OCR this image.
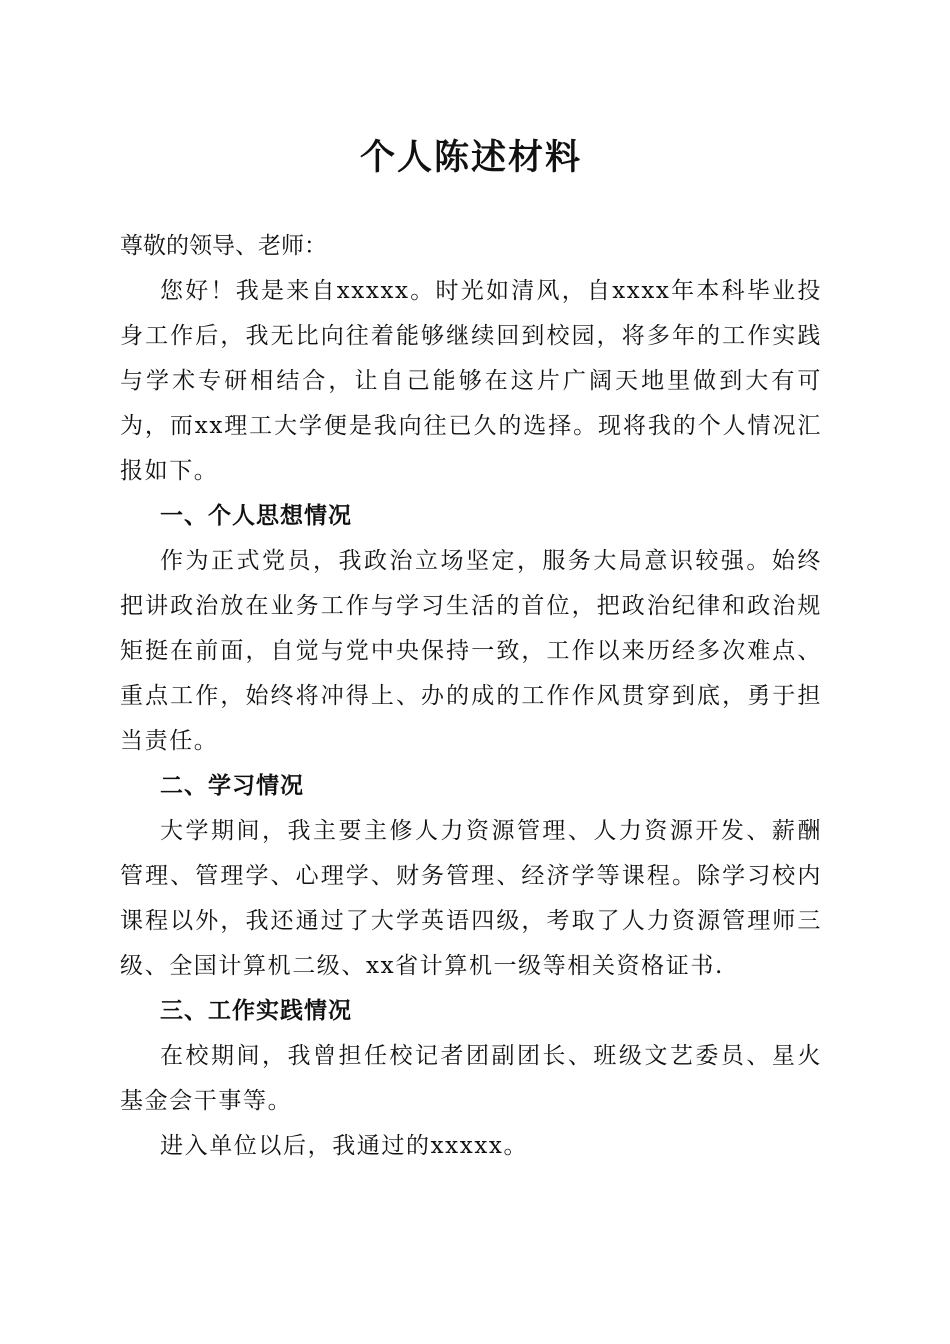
个人陈述材料

尊敬的领导、老师：

您好！我是来自xxxxx。时光如清风，自xxxx年本科毕业投身工作后，我无比向往着能够继续回到校园，将多年的工作实践与学术专研相结合，让自己能够在这片广阔天地里做到大有可为，而xx理工大学便是我向往已久的选择。现将我的个人情况汇报如下。

一、个人思想情况

作为正式党员，我政治立场坚定，服务大局意识较强。始终把讲政治放在业务工作与学习生活的首位，把政治纪律和政治规矩挺在前面，自觉与党中央保持一致，工作以来历经多次难点、重点工作，始终将冲得上、办的成的工作作风贯穿到底，勇于担当责任。

二、学习情况

大学期间，我主要主修人力资源管理、人力资源开发、薪酬管理、管理学、心理学、财务管理、经济学等课程。除学习校内课程以外，我还通过了大学英语四级，考取了人力资源管理师三级、全国计算机二级、xx省计算机一级等相关资格证书.

三、工作实践情况

在校期间，我曾担任校记者团副团长、班级文艺委员、星火基金会干事等。

进入单位以后，我通过的xxxxx。
